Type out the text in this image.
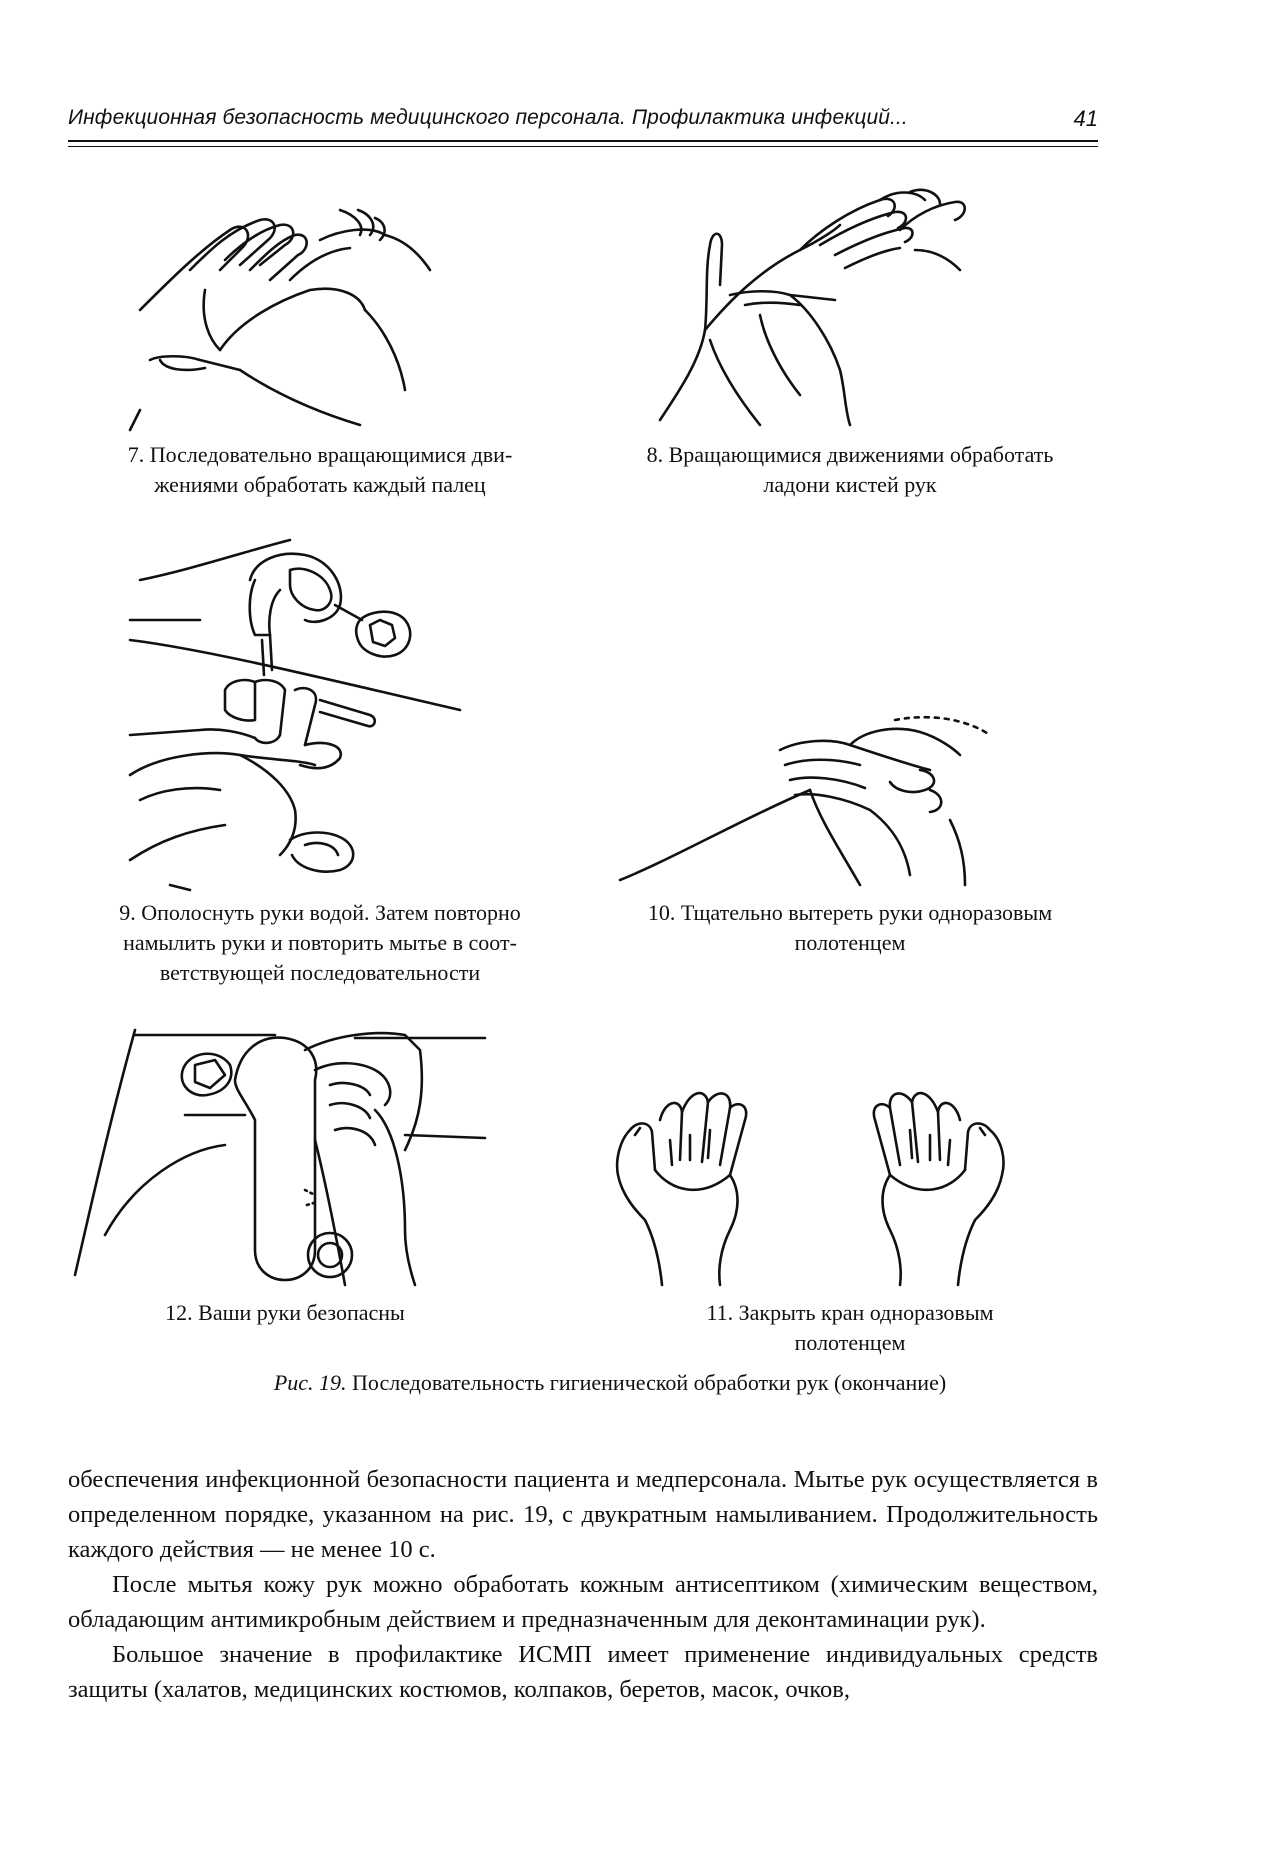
Инфекционная безопасность медицинского персонала. Профилактика инфекций...	41
7. Последовательно вращающимися дви-
жениями обработать каждый палец
8. Вращающимися движениями обработать
ладони кистей рук
9. Ополоснуть руки водой. Затем повторно
намылить руки и повторить мытье в соот-
ветствующей последовательности
10. Тщательно вытереть руки одноразовым
полотенцем
12. Ваши руки безопасны	11. Закрыть кран одноразовым
полотенцем
Рис. 19. Последовательность гигиенической обработки рук (окончание)

обеспечения инфекционной безопасности пациента и медперсонала. Мытье рук осуществляется в определенном порядке, указанном на рис. 19, с двукратным намыливанием. Продолжительность каждого действия — не менее 10 с.

После мытья кожу рук можно обработать кожным антисептиком (химическим веществом, обладающим антимикробным действием и предназначенным для деконтаминации рук).

Большое значение в профилактике ИСМП имеет применение индивидуальных средств защиты (халатов, медицинских костюмов, колпаков, беретов, масок, очков,
